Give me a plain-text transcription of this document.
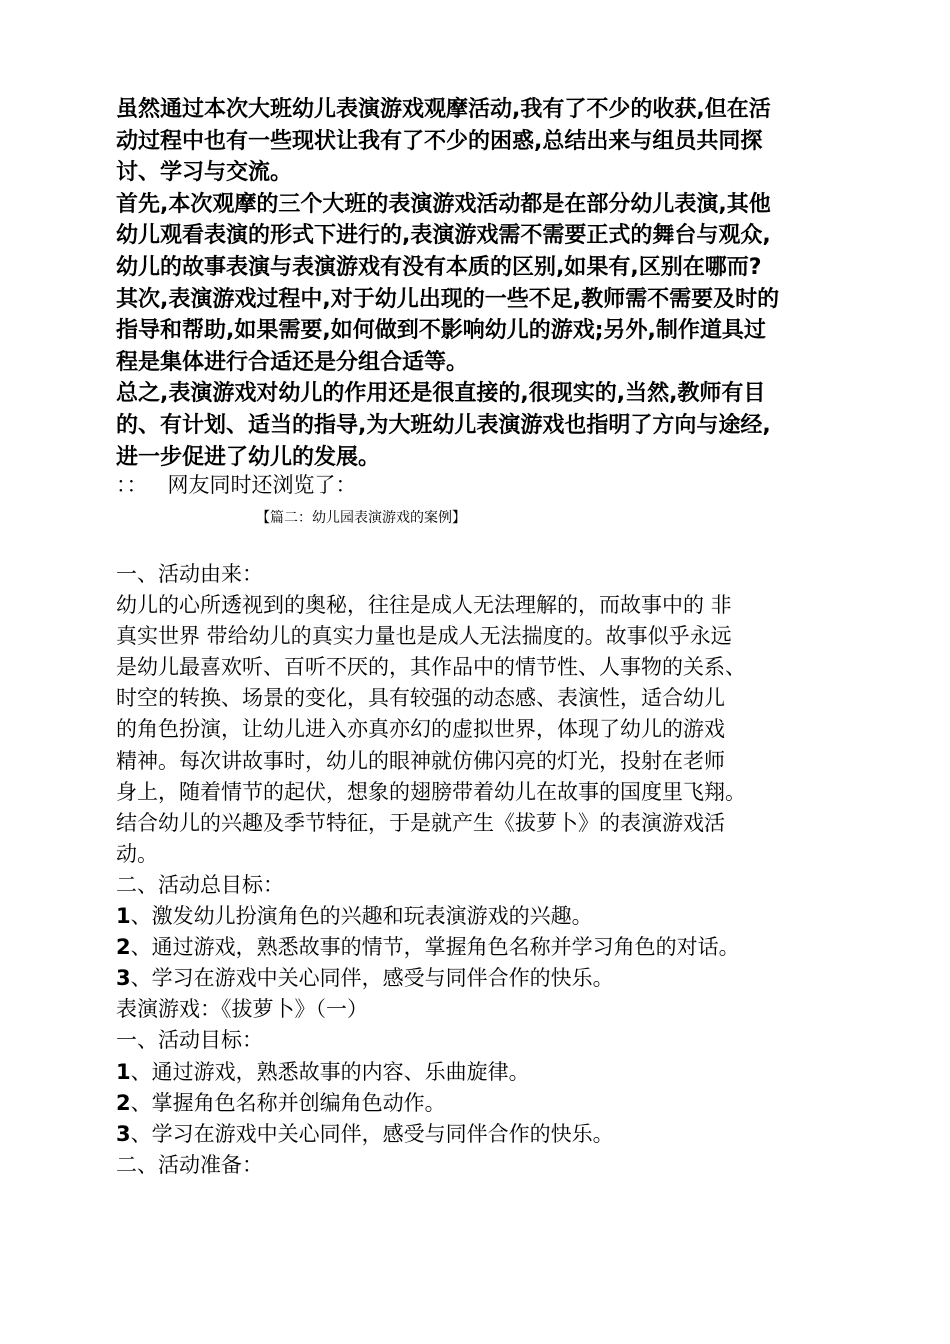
虽然通过本次大班幼儿表演游戏观摩活动,我有了不少的收获,但在活
动过程中也有一些现状让我有了不少的困惑,总结出来与组员共同探
讨、学习与交流。
首先,本次观摩的三个大班的表演游戏活动都是在部分幼儿表演,其他
幼儿观看表演的形式下进行的,表演游戏需不需要正式的舞台与观众,
幼儿的故事表演与表演游戏有没有本质的区别,如果有,区别在哪而?
其次,表演游戏过程中,对于幼儿出现的一些不足,教师需不需要及时的
指导和帮助,如果需要,如何做到不影响幼儿的游戏;另外,制作道具过
程是集体进行合适还是分组合适等。
总之,表演游戏对幼儿的作用还是很直接的,很现实的,当然,教师有目
的、有计划、适当的指导,为大班幼儿表演游戏也指明了方向与途经,
进一步促进了幼儿的发展。
：： 网友同时还浏览了：
【篇二：幼儿园表演游戏的案例】
一、活动由来：
幼儿的心所透视到的奥秘，往往是成人无法理解的，而故事中的 非
真实世界 带给幼儿的真实力量也是成人无法揣度的。故事似乎永远
是幼儿最喜欢听、百听不厌的，其作品中的情节性、人事物的关系、
时空的转换、场景的变化，具有较强的动态感、表演性，适合幼儿
的角色扮演，让幼儿进入亦真亦幻的虚拟世界，体现了幼儿的游戏
精神。每次讲故事时，幼儿的眼神就仿佛闪亮的灯光，投射在老师
身上，随着情节的起伏，想象的翅膀带着幼儿在故事的国度里飞翔。
结合幼儿的兴趣及季节特征，于是就产生《拔萝卜》的表演游戏活
动。
二、活动总目标：
1、激发幼儿扮演角色的兴趣和玩表演游戏的兴趣。
2、通过游戏，熟悉故事的情节，掌握角色名称并学习角色的对话。
3、学习在游戏中关心同伴，感受与同伴合作的快乐。
表演游戏：《拔萝卜》（一）
一、活动目标：
1、通过游戏，熟悉故事的内容、乐曲旋律。
2、掌握角色名称并创编角色动作。
3、学习在游戏中关心同伴，感受与同伴合作的快乐。
二、活动准备：
